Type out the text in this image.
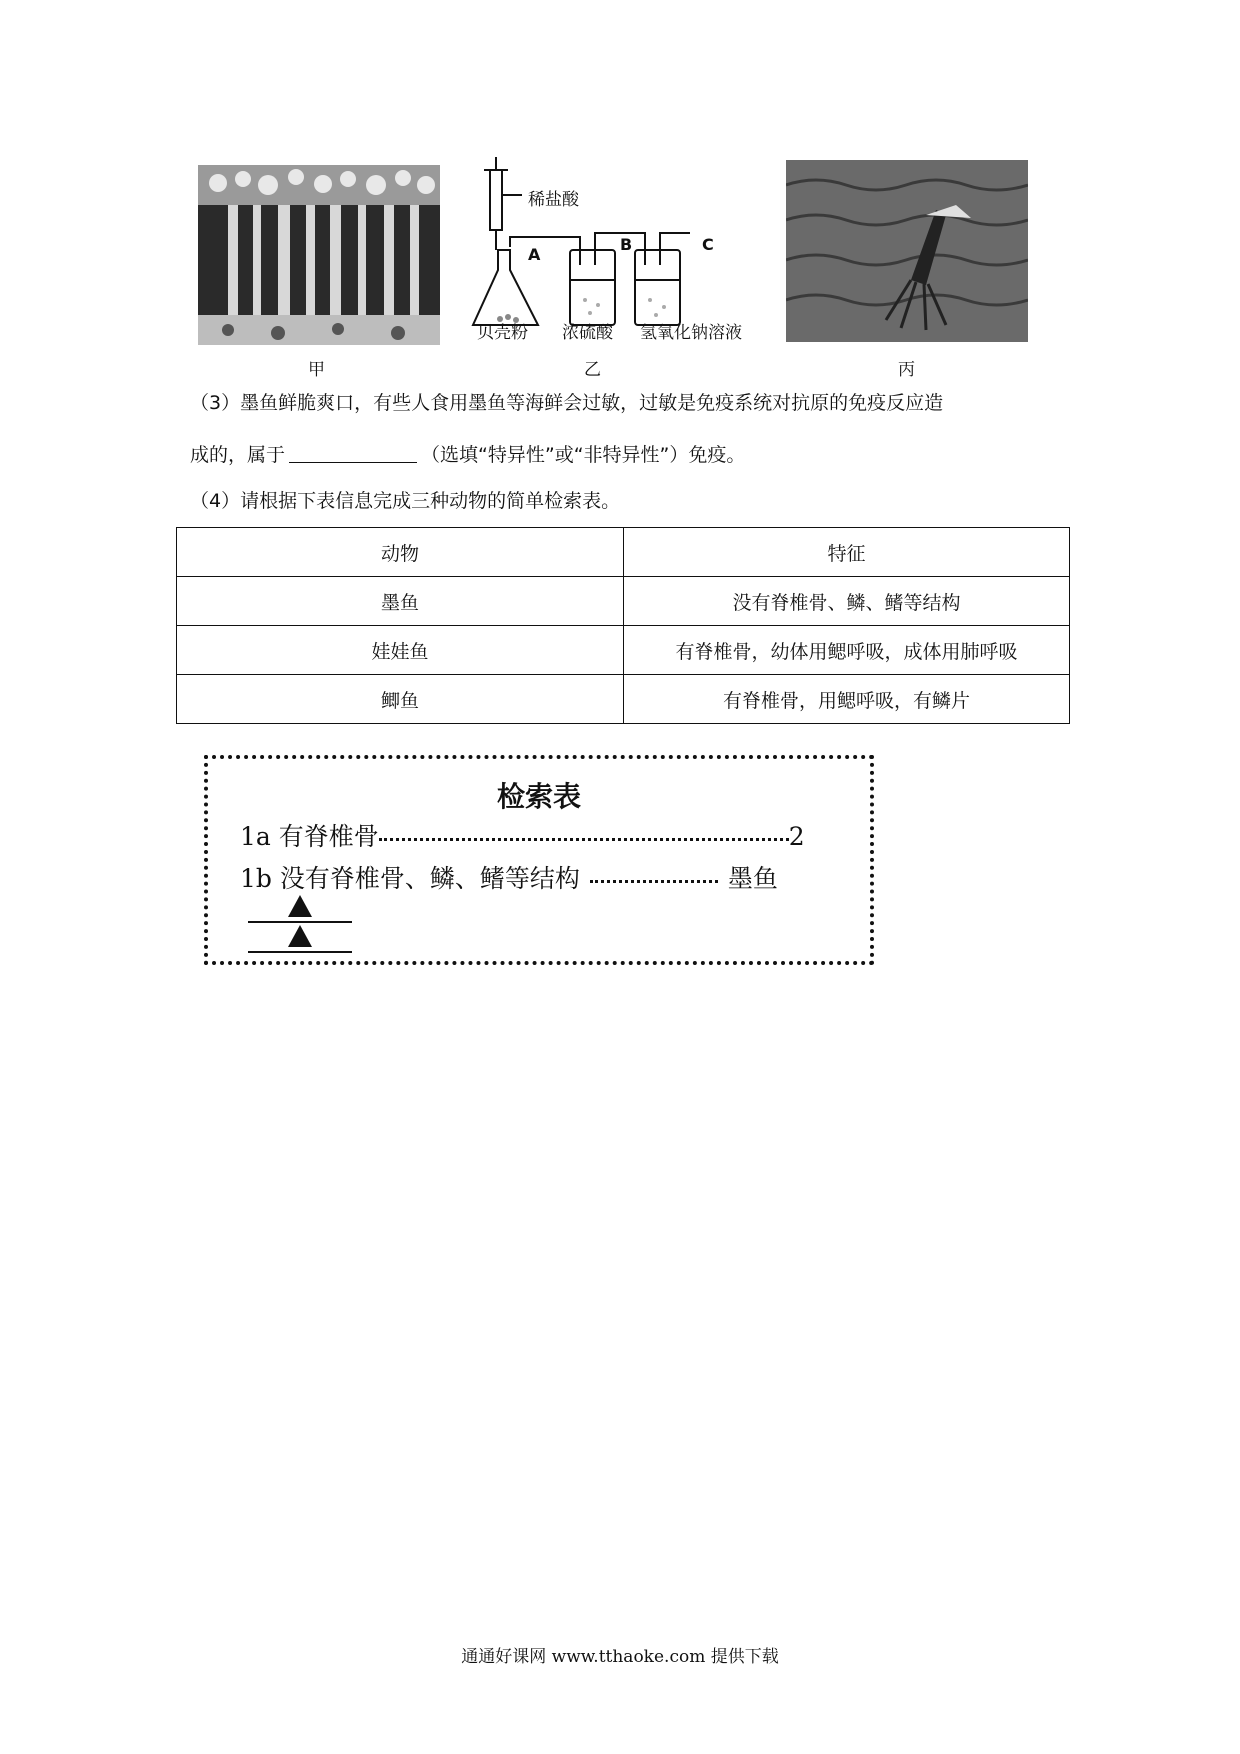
甲
稀盐酸
A
B	C
贝壳粉 浓硫酸 氢氧化钠溶液
乙	丙
（3）墨鱼鲜脆爽口，有些人食用墨鱼等海鲜会过敏，过敏是免疫系统对抗原的免疫反应造
成的，属于	（选填“特异性”或“非特异性”）免疫。
（4）请根据下表信息完成三种动物的简单检索表。
动物	特征
墨鱼	没有脊椎骨、鳞、鳍等结构
娃娃鱼	有脊椎骨，幼体用鳃呼吸，成体用肺呼吸
鲫鱼	有脊椎骨，用鳃呼吸，有鳞片
检索表
1a 有脊椎骨	2
1b 没有脊椎骨、鳞、鳍等结构	墨鱼
通通好课网 www.tthaoke.com 提供下载
